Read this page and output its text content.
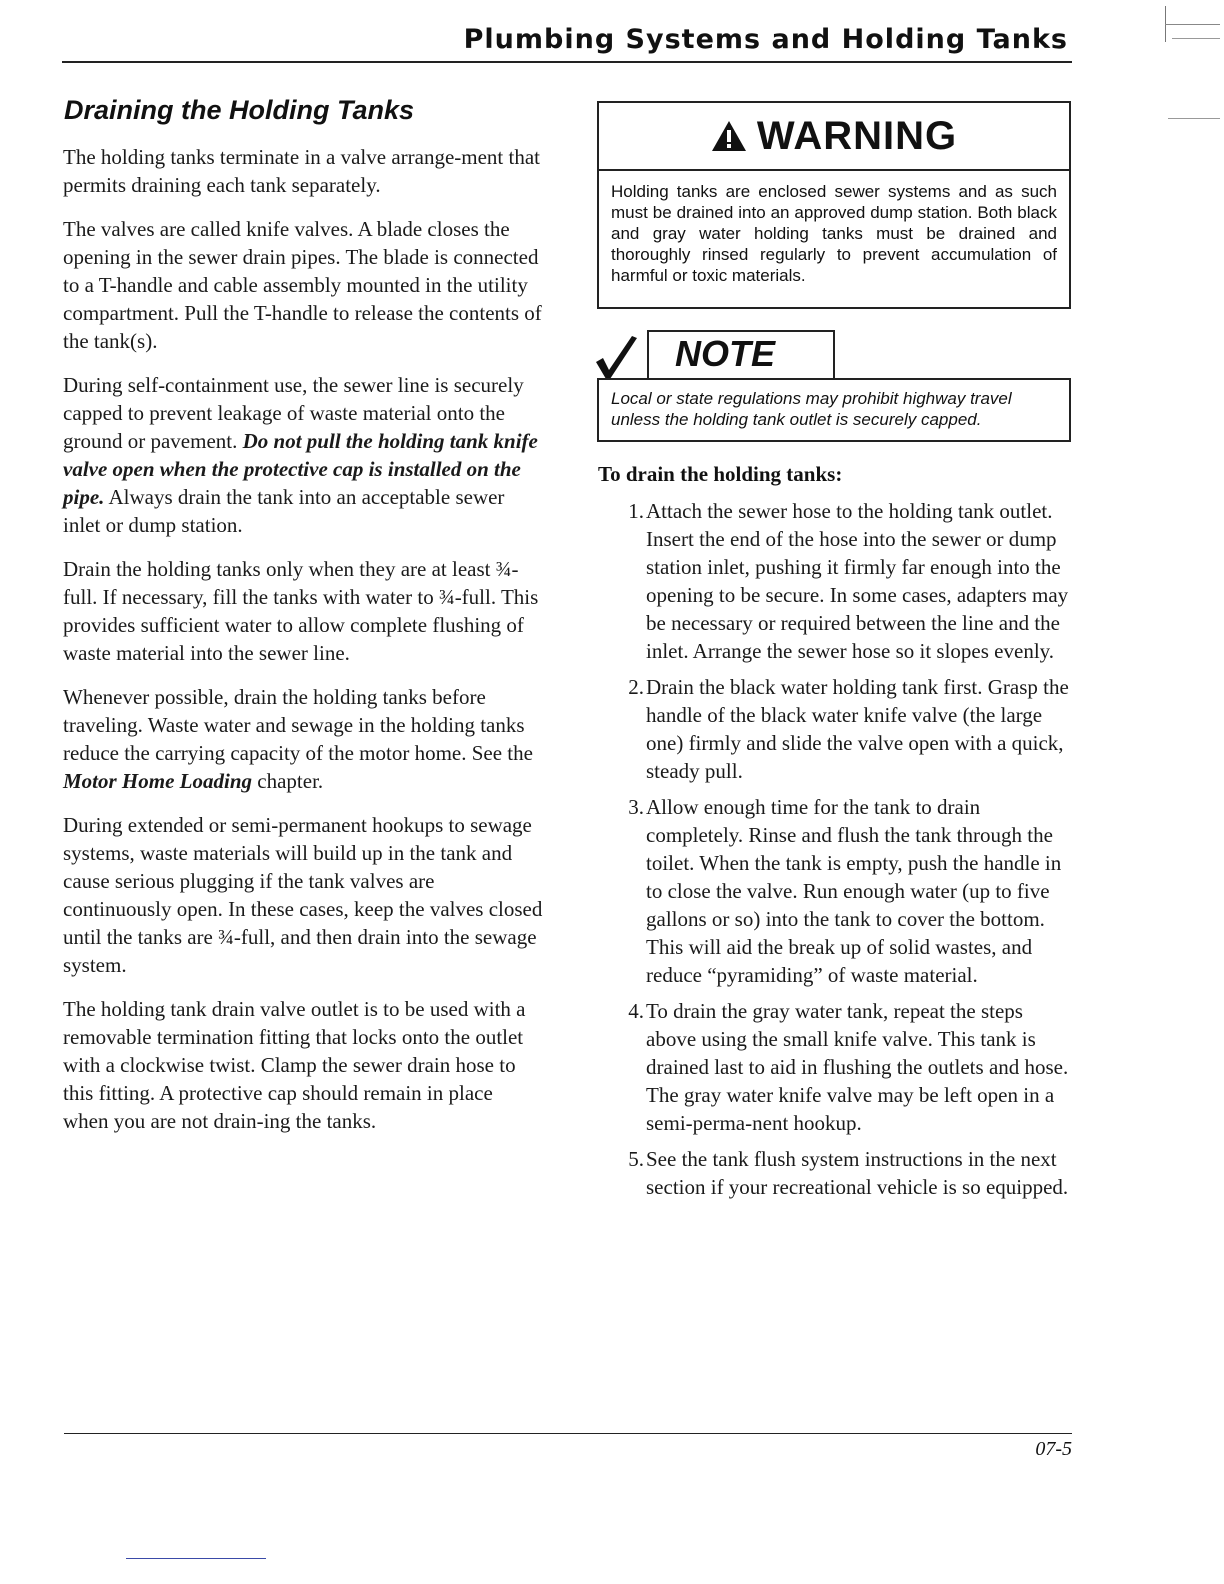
Plumbing Systems and Holding Tanks
Draining the Holding Tanks

The holding tanks terminate in a valve arrange-ment that permits draining each tank separately.

The valves are called knife valves. A blade closes the opening in the sewer drain pipes. The blade is connected to a T-handle and cable assembly mounted in the utility compartment. Pull the T-handle to release the contents of the tank(s).

During self-containment use, the sewer line is securely capped to prevent leakage of waste material onto the ground or pavement. Do not pull the holding tank knife valve open when the protective cap is installed on the pipe. Always drain the tank into an acceptable sewer inlet or dump station.

Drain the holding tanks only when they are at least ¾-full. If necessary, fill the tanks with water to ¾-full. This provides sufficient water to allow complete flushing of waste material into the sewer line.

Whenever possible, drain the holding tanks before traveling. Waste water and sewage in the holding tanks reduce the carrying capacity of the motor home. See the Motor Home Loading chapter.

During extended or semi-permanent hookups to sewage systems, waste materials will build up in the tank and cause serious plugging if the tank valves are continuously open. In these cases, keep the valves closed until the tanks are ¾-full, and then drain into the sewage system.

The holding tank drain valve outlet is to be used with a removable termination fitting that locks onto the outlet with a clockwise twist. Clamp the sewer drain hose to this fitting. A protective cap should remain in place when you are not drain-ing the tanks.

WARNING
Holding tanks are enclosed sewer systems and as such must be drained into an approved dump station. Both black and gray water holding tanks must be drained and thoroughly rinsed regularly to prevent accumulation of harmful or toxic materials.
NOTE
Local or state regulations may prohibit highway travel unless the holding tank outlet is securely capped.
To drain the holding tanks:
1. Attach the sewer hose to the holding tank outlet. Insert the end of the hose into the sewer or dump station inlet, pushing it firmly far enough into the opening to be secure. In some cases, adapters may be necessary or required between the line and the inlet. Arrange the sewer hose so it slopes evenly.
2. Drain the black water holding tank first. Grasp the handle of the black water knife valve (the large one) firmly and slide the valve open with a quick, steady pull.
3. Allow enough time for the tank to drain completely. Rinse and flush the tank through the toilet. When the tank is empty, push the handle in to close the valve. Run enough water (up to five gallons or so) into the tank to cover the bottom. This will aid the break up of solid wastes, and reduce “pyramiding” of waste material.
4. To drain the gray water tank, repeat the steps above using the small knife valve. This tank is drained last to aid in flushing the outlets and hose. The gray water knife valve may be left open in a semi-perma-nent hookup.
5. See the tank flush system instructions in the next section if your recreational vehicle is so equipped.
07-5
